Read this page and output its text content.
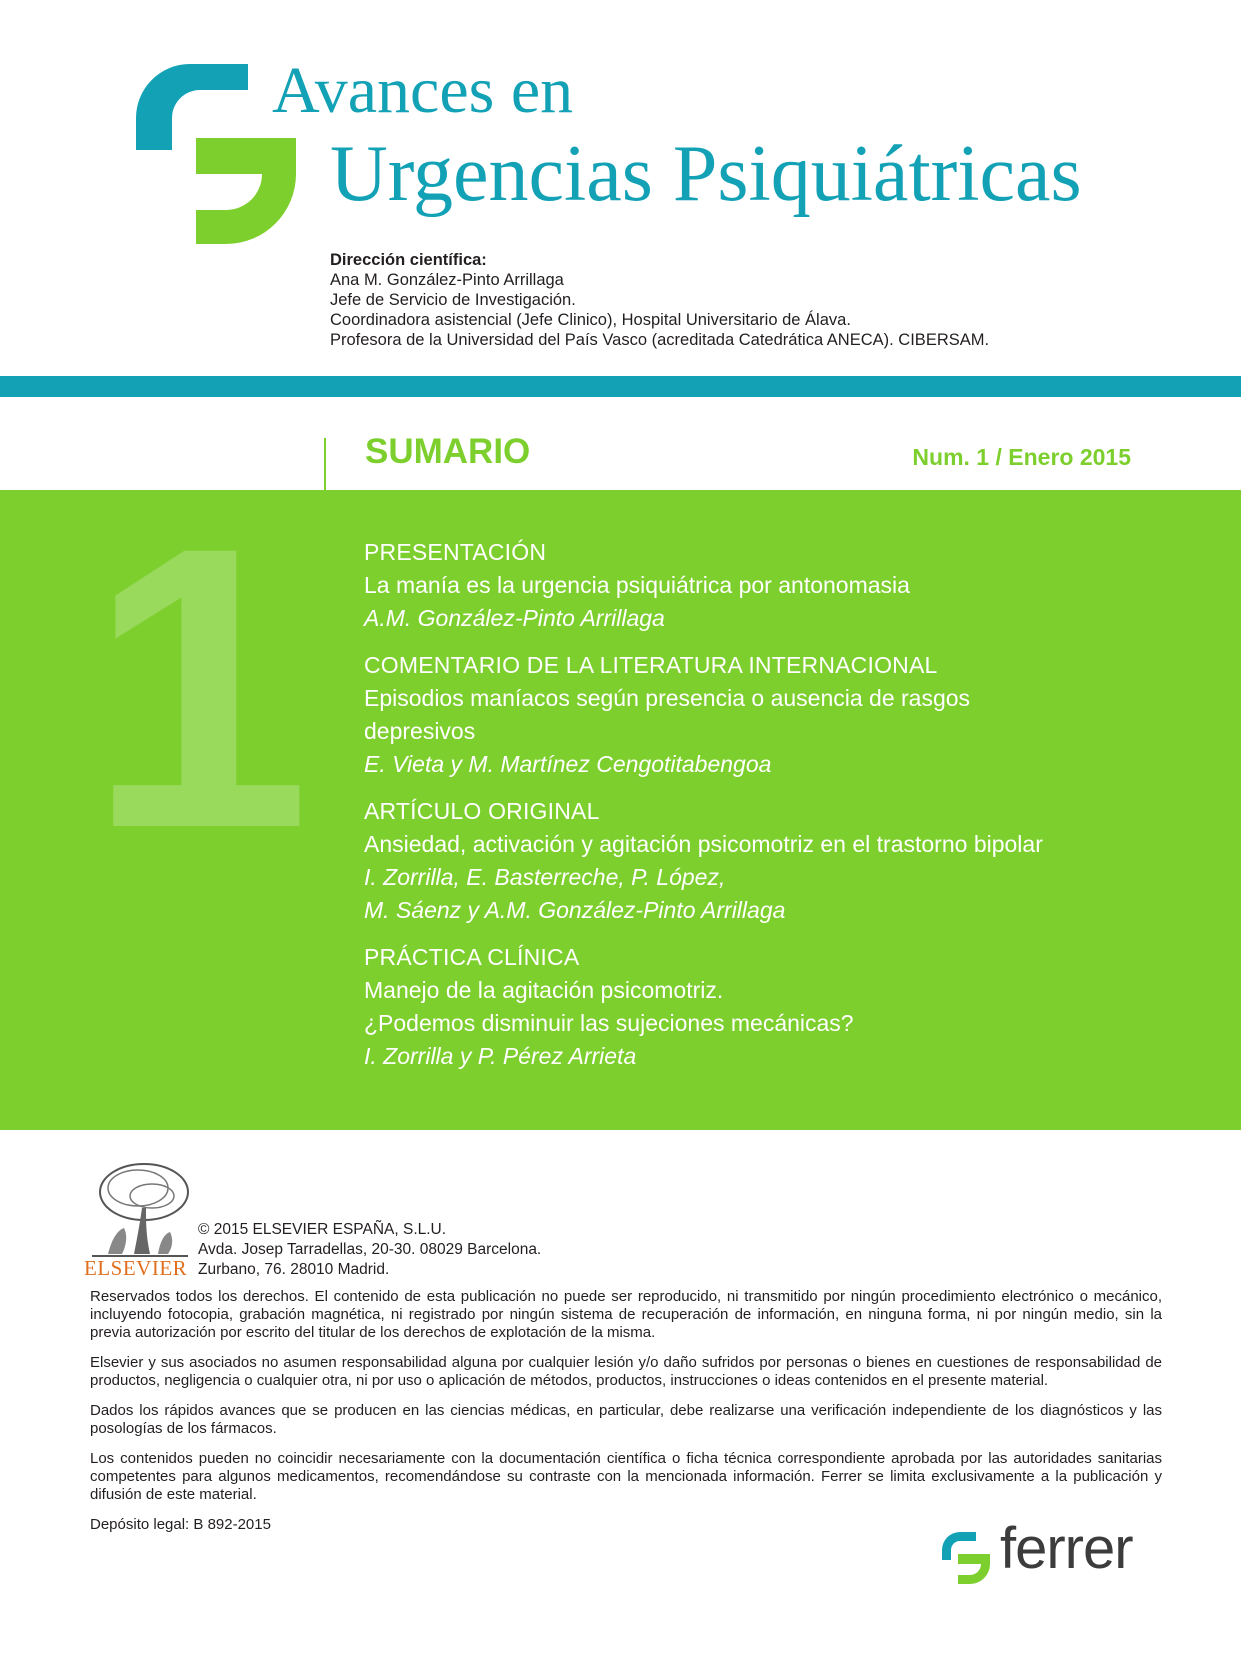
Avances en
Urgencias Psiquiátricas
Dirección científica:
Ana M. González-Pinto Arrillaga
Jefe de Servicio de Investigación.
Coordinadora asistencial (Jefe Clinico), Hospital Universitario de Álava.
Profesora de la Universidad del País Vasco (acreditada Catedrática ANECA). CIBERSAM.
1
SUMARIO	Num. 1 / Enero 2015
PRESENTACIÓN
La manía es la urgencia psiquiátrica por antonomasia
A.M. González-Pinto Arrillaga
COMENTARIO DE LA LITERATURA INTERNACIONAL
Episodios maníacos según presencia o ausencia de rasgos
depresivos
E. Vieta y M. Martínez Cengotitabengoa
ARTÍCULO ORIGINAL
Ansiedad, activación y agitación psicomotriz en el trastorno bipolar
I. Zorrilla, E. Basterreche, P. López,
M. Sáenz y A.M. González-Pinto Arrillaga
PRÁCTICA CLÍNICA
Manejo de la agitación psicomotriz.
¿Podemos disminuir las sujeciones mecánicas?
I. Zorrilla y P. Pérez Arrieta
ELSEVIER
© 2015 ELSEVIER ESPAÑA, S.L.U.
Avda. Josep Tarradellas, 20-30. 08029 Barcelona.
Zurbano, 76. 28010 Madrid.

Reservados todos los derechos. El contenido de esta publicación no puede ser reproducido, ni transmitido por ningún procedimiento electrónico o mecánico, incluyendo fotocopia, grabación magnética, ni registrado por ningún sistema de recuperación de información, en ninguna forma, ni por ningún medio, sin la previa autorización por escrito del titular de los derechos de explotación de la misma.

Elsevier y sus asociados no asumen responsabilidad alguna por cualquier lesión y/o daño sufridos por personas o bienes en cuestiones de responsabilidad de productos, negligencia o cualquier otra, ni por uso o aplicación de métodos, productos, instrucciones o ideas contenidos en el presente material.

Dados los rápidos avances que se producen en las ciencias médicas, en particular, debe realizarse una verificación independiente de los diagnósticos y las posologías de los fármacos.

Los contenidos pueden no coincidir necesariamente con la documentación científica o ficha técnica correspondiente aprobada por las autoridades sanitarias competentes para algunos medicamentos, recomendándose su contraste con la mencionada información. Ferrer se limita exclusivamente a la publicación y difusión de este material.

Depósito legal: B 892-2015	ferrer
